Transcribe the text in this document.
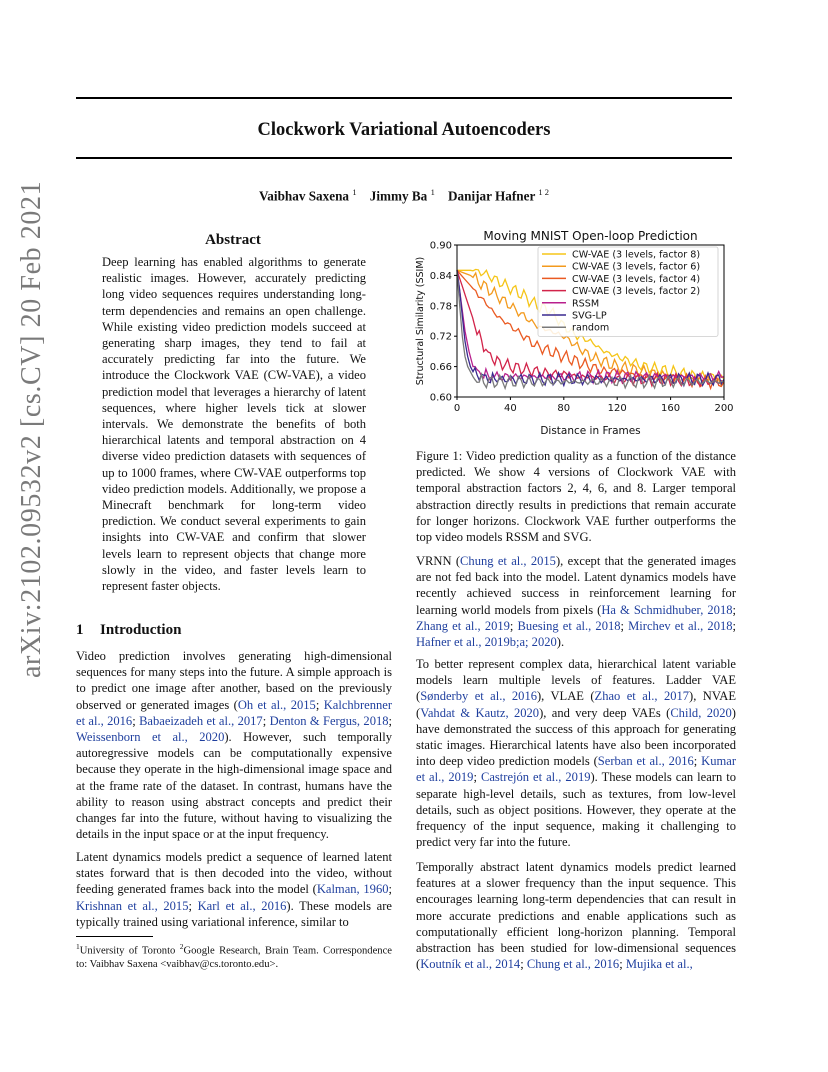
Clockwork Variational Autoencoders
Vaibhav Saxena $^1$ Jimmy Ba $^1$ Danijar Hafner $^{1 2}$
arXiv:2102.09532v2 [cs.CV] 20 Feb 2021	Abstract

Deep learning has enabled algorithms to generate realistic images. However, accurately predicting long video sequences requires understanding long-term dependencies and remains an open challenge. While existing video prediction models succeed at generating sharp images, they tend to fail at accurately predicting far into the future. We introduce the Clockwork VAE (CW-VAE), a video prediction model that leverages a hierarchy of latent sequences, where higher levels tick at slower intervals. We demonstrate the benefits of both hierarchical latents and temporal abstraction on 4 diverse video prediction datasets with sequences of up to 1000 frames, where CW-VAE outperforms top video prediction models. Additionally, we propose a Minecraft benchmark for long-term video prediction. We conduct several experiments to gain insights into CW-VAE and confirm that slower levels learn to represent objects that change more slowly in the video, and faster levels learn to represent faster objects.

1 Introduction

Video prediction involves generating high-dimensional sequences for many steps into the future. A simple approach is to predict one image after another, based on the previously observed or generated images (Oh et al., 2015; Kalchbrenner et al., 2016; Babaeizadeh et al., 2017; Denton & Fergus, 2018; Weissenborn et al., 2020). However, such temporally autoregressive models can be computationally expensive because they operate in the high-dimensional image space and at the frame rate of the dataset. In contrast, humans have the ability to reason using abstract concepts and predict their changes far into the future, without having to visualizing the details in the input space or at the input frequency.

Latent dynamics models predict a sequence of learned latent states forward that is then decoded into the video, without feeding generated frames back into the model (Kalman, 1960; Krishnan et al., 2015; Karl et al., 2016). These models are typically trained using variational inference, similar to

$^1$University of Toronto $^2$Google Research, Brain Team. Correspondence to: Vaibhav Saxena <vaibhav@cs.toronto.edu>.
Moving MNIST Open-loop Prediction
0.60
0.66
0.72
0.78
0.84
0.90
0	40	80	120	160	200
Distance in Frames
Structural Similarity (SSIM)
CW-VAE (3 levels, factor 8)
CW-VAE (3 levels, factor 6)
CW-VAE (3 levels, factor 4)
CW-VAE (3 levels, factor 2)
RSSM
SVG-LP
random

Figure 1: Video prediction quality as a function of the distance predicted. We show 4 versions of Clockwork VAE with temporal abstraction factors 2, 4, 6, and 8. Larger temporal abstraction directly results in predictions that remain accurate for longer horizons. Clockwork VAE further outperforms the top video models RSSM and SVG.

VRNN (Chung et al., 2015), except that the generated images are not fed back into the model. Latent dynamics models have recently achieved success in reinforcement learning for learning world models from pixels (Ha & Schmidhuber, 2018; Zhang et al., 2019; Buesing et al., 2018; Mirchev et al., 2018; Hafner et al., 2019b;a; 2020).

To better represent complex data, hierarchical latent variable models learn multiple levels of features. Ladder VAE (Sønderby et al., 2016), VLAE (Zhao et al., 2017), NVAE (Vahdat & Kautz, 2020), and very deep VAEs (Child, 2020) have demonstrated the success of this approach for generating static images. Hierarchical latents have also been incorporated into deep video prediction models (Serban et al., 2016; Kumar et al., 2019; Castrejón et al., 2019). These models can learn to separate high-level details, such as textures, from low-level details, such as object positions. However, they operate at the frequency of the input sequence, making it challenging to predict very far into the future.

Temporally abstract latent dynamics models predict learned features at a slower frequency than the input sequence. This encourages learning long-term dependencies that can result in more accurate predictions and enable applications such as computationally efficient long-horizon planning. Temporal abstraction has been studied for low-dimensional sequences (Koutník et al., 2014; Chung et al., 2016; Mujika et al.,
